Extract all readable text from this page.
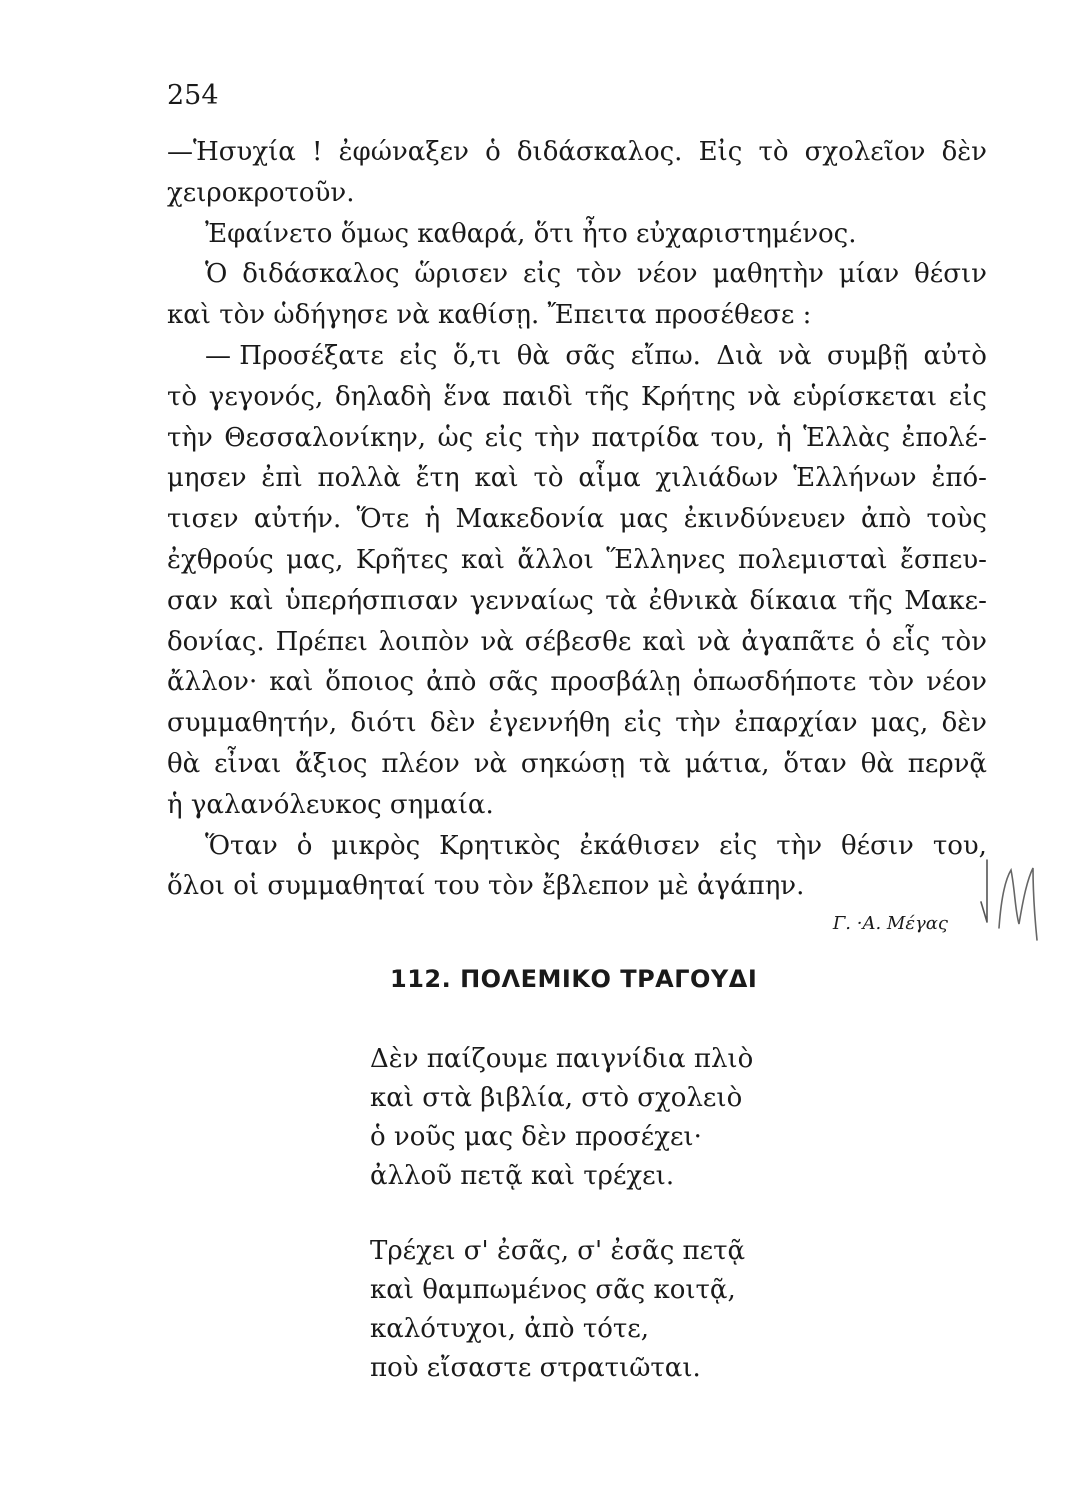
254
—Ἡσυχία ! ἐφώναξεν ὁ διδάσκαλος. Εἰς τὸ σχολεῖον δὲν
χειροκροτοῦν.
Ἐφαίνετο ὅμως καθαρά, ὅτι ἦτο εὐχαριστημένος.
Ὁ διδάσκαλος ὥρισεν εἰς τὸν νέον μαθητὴν μίαν θέσιν
καὶ τὸν ὡδήγησε νὰ καθίσῃ. Ἔπειτα προσέθεσε :
— Προσέξατε εἰς ὅ,τι θὰ σᾶς εἴπω. Διὰ νὰ συμβῇ αὐτὸ
τὸ γεγονός, δηλαδὴ ἕνα παιδὶ τῆς Κρήτης νὰ εὑρίσκεται εἰς
τὴν Θεσσαλονίκην, ὡς εἰς τὴν πατρίδα του, ἡ Ἑλλὰς ἐπολέ-
μησεν ἐπὶ πολλὰ ἔτη καὶ τὸ αἷμα χιλιάδων Ἑλλήνων ἐπό-
τισεν αὐτήν. Ὅτε ἡ Μακεδονία μας ἐκινδύνευεν ἀπὸ τοὺς
ἐχθρούς μας, Κρῆτες καὶ ἄλλοι Ἕλληνες πολεμισταὶ ἔσπευ-
σαν καὶ ὑπερήσπισαν γενναίως τὰ ἐθνικὰ δίκαια τῆς Μακε-
δονίας. Πρέπει λοιπὸν νὰ σέβεσθε καὶ νὰ ἀγαπᾶτε ὁ εἷς τὸν
ἄλλον· καὶ ὅποιος ἀπὸ σᾶς προσβάλῃ ὁπωσδήποτε τὸν νέον
συμμαθητήν, διότι δὲν ἐγεννήθη εἰς τὴν ἐπαρχίαν μας, δὲν
θὰ εἶναι ἄξιος πλέον νὰ σηκώσῃ τὰ μάτια, ὅταν θὰ περνᾷ
ἡ γαλανόλευκος σημαία.
Ὅταν ὁ μικρὸς Κρητικὸς ἐκάθισεν εἰς τὴν θέσιν του,
ὅλοι οἱ συμμαθηταί του τὸν ἔβλεπον μὲ ἀγάπην.
Γ. ·Α. Μέγας
112. ΠΟΛΕΜΙΚΟ ΤΡΑΓΟΥΔΙ
Δὲν παίζουμε παιγνίδια πλιὸ
καὶ στὰ βιβλία, στὸ σχολειὸ
ὁ νοῦς μας δὲν προσέχει·
ἀλλοῦ πετᾷ καὶ τρέχει.
Τρέχει σ' ἐσᾶς, σ' ἐσᾶς πετᾷ
καὶ θαμπωμένος σᾶς κοιτᾷ,
καλότυχοι, ἀπὸ τότε,
ποὺ εἴσαστε στρατιῶται.
